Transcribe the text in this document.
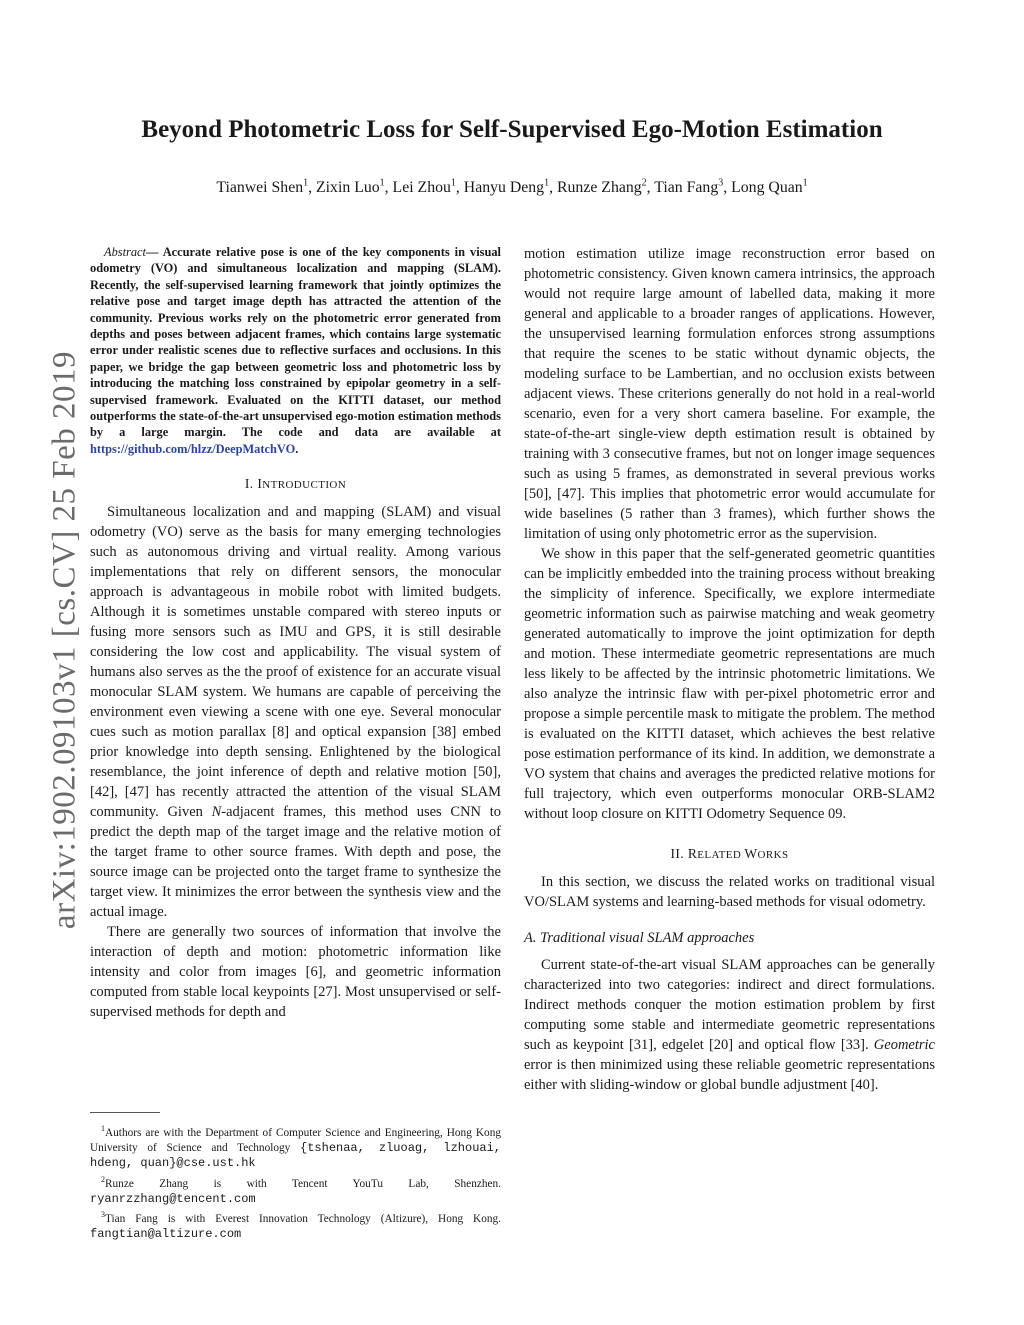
arXiv:1902.09103v1 [cs.CV] 25 Feb 2019
Beyond Photometric Loss for Self-Supervised Ego-Motion Estimation
Tianwei Shen$^1$, Zixin Luo$^1$, Lei Zhou$^1$, Hanyu Deng$^1$, Runze Zhang$^2$, Tian Fang$^3$, Long Quan$^1$

Abstract— Accurate relative pose is one of the key components in visual odometry (VO) and simultaneous localization and mapping (SLAM). Recently, the self-supervised learning framework that jointly optimizes the relative pose and target image depth has attracted the attention of the community. Previous works rely on the photometric error generated from depths and poses between adjacent frames, which contains large systematic error under realistic scenes due to reflective surfaces and occlusions. In this paper, we bridge the gap between geometric loss and photometric loss by introducing the matching loss constrained by epipolar geometry in a self-supervised framework. Evaluated on the KITTI dataset, our method outperforms the state-of-the-art unsupervised ego-motion estimation methods by a large margin. The code and data are available at https://github.com/hlzz/DeepMatchVO.

I. INTRODUCTION

Simultaneous localization and and mapping (SLAM) and visual odometry (VO) serve as the basis for many emerging technologies such as autonomous driving and virtual reality. Among various implementations that rely on different sensors, the monocular approach is advantageous in mobile robot with limited budgets. Although it is sometimes unstable compared with stereo inputs or fusing more sensors such as IMU and GPS, it is still desirable considering the low cost and applicability. The visual system of humans also serves as the the proof of existence for an accurate visual monocular SLAM system. We humans are capable of perceiving the environment even viewing a scene with one eye. Several monocular cues such as motion parallax [8] and optical expansion [38] embed prior knowledge into depth sensing. Enlightened by the biological resemblance, the joint inference of depth and relative motion [50], [42], [47] has recently attracted the attention of the visual SLAM community. Given N-adjacent frames, this method uses CNN to predict the depth map of the target image and the relative motion of the target frame to other source frames. With depth and pose, the source image can be projected onto the target frame to synthesize the target view. It minimizes the error between the synthesis view and the actual image.

There are generally two sources of information that involve the interaction of depth and motion: photometric information like intensity and color from images [6], and geometric information computed from stable local keypoints [27]. Most unsupervised or self-supervised methods for depth and

$^1$Authors are with the Department of Computer Science and Engineering, Hong Kong University of Science and Technology {tshenaa, zluoag, lzhouai, hdeng, quan}@cse.ust.hk

$^2$Runze Zhang is with Tencent YouTu Lab, Shenzhen. ryanrzzhang@tencent.com

$^3$Tian Fang is with Everest Innovation Technology (Altizure), Hong Kong. fangtian@altizure.com

motion estimation utilize image reconstruction error based on photometric consistency. Given known camera intrinsics, the approach would not require large amount of labelled data, making it more general and applicable to a broader ranges of applications. However, the unsupervised learning formulation enforces strong assumptions that require the scenes to be static without dynamic objects, the modeling surface to be Lambertian, and no occlusion exists between adjacent views. These criterions generally do not hold in a real-world scenario, even for a very short camera baseline. For example, the state-of-the-art single-view depth estimation result is obtained by training with 3 consecutive frames, but not on longer image sequences such as using 5 frames, as demonstrated in several previous works [50], [47]. This implies that photometric error would accumulate for wide baselines (5 rather than 3 frames), which further shows the limitation of using only photometric error as the supervision.

We show in this paper that the self-generated geometric quantities can be implicitly embedded into the training process without breaking the simplicity of inference. Specifically, we explore intermediate geometric information such as pairwise matching and weak geometry generated automatically to improve the joint optimization for depth and motion. These intermediate geometric representations are much less likely to be affected by the intrinsic photometric limitations. We also analyze the intrinsic flaw with per-pixel photometric error and propose a simple percentile mask to mitigate the problem. The method is evaluated on the KITTI dataset, which achieves the best relative pose estimation performance of its kind. In addition, we demonstrate a VO system that chains and averages the predicted relative motions for full trajectory, which even outperforms monocular ORB-SLAM2 without loop closure on KITTI Odometry Sequence 09.

II. RELATED WORKS

In this section, we discuss the related works on traditional visual VO/SLAM systems and learning-based methods for visual odometry.

A. Traditional visual SLAM approaches

Current state-of-the-art visual SLAM approaches can be generally characterized into two categories: indirect and direct formulations. Indirect methods conquer the motion estimation problem by first computing some stable and intermediate geometric representations such as keypoint [31], edgelet [20] and optical flow [33]. Geometric error is then minimized using these reliable geometric representations either with sliding-window or global bundle adjustment [40].
